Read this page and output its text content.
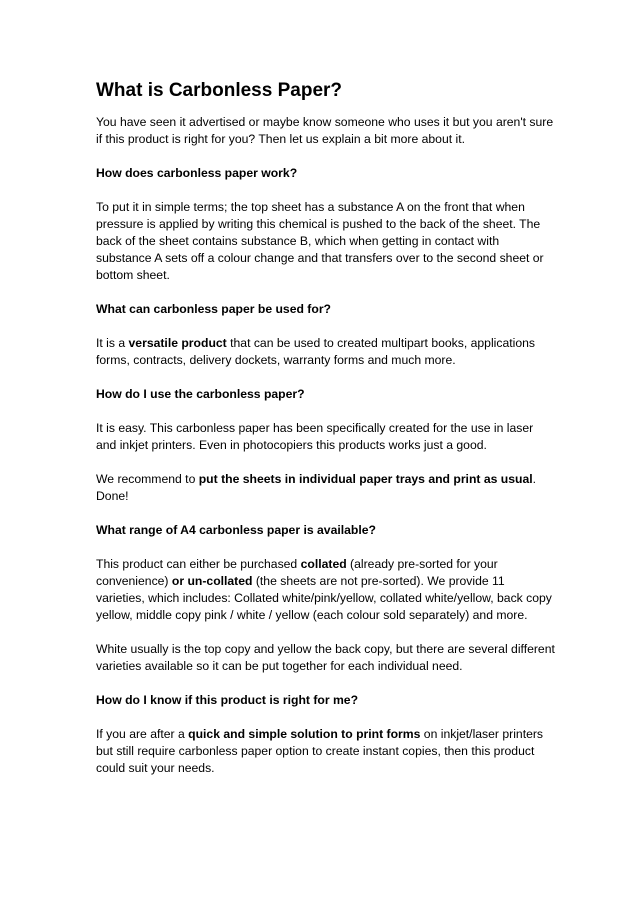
What is Carbonless Paper?

You have seen it advertised or maybe know someone who uses it but you aren't sure if this product is right for you? Then let us explain a bit more about it.

How does carbonless paper work?

To put it in simple terms; the top sheet has a substance A on the front that when pressure is applied by writing this chemical is pushed to the back of the sheet. The back of the sheet contains substance B, which when getting in contact with substance A sets off a colour change and that transfers over to the second sheet or bottom sheet.

What can carbonless paper be used for?

It is a versatile product that can be used to created multipart books, applications forms, contracts, delivery dockets, warranty forms and much more.

How do I use the carbonless paper?

It is easy. This carbonless paper has been specifically created for the use in laser and inkjet printers. Even in photocopiers this products works just a good.

We recommend to put the sheets in individual paper trays and print as usual. Done!

What range of A4 carbonless paper is available?

This product can either be purchased collated (already pre-sorted for your convenience) or un-collated (the sheets are not pre-sorted). We provide 11 varieties, which includes: Collated white/pink/yellow, collated white/yellow, back copy yellow, middle copy pink / white / yellow (each colour sold separately) and more.

White usually is the top copy and yellow the back copy, but there are several different varieties available so it can be put together for each individual need.

How do I know if this product is right for me?

If you are after a quick and simple solution to print forms on inkjet/laser printers but still require carbonless paper option to create instant copies, then this product could suit your needs.
